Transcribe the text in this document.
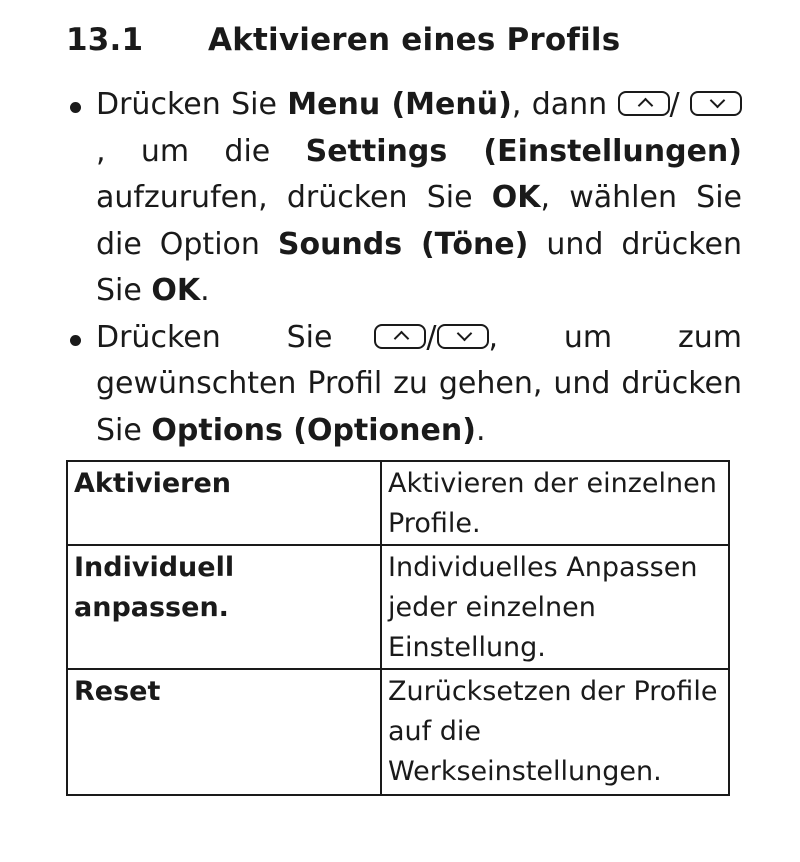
13.1 Aktivieren eines Profils
Drücken Sie Menu (Menü), dann /  , um die Settings (Einstellungen) aufzurufen, drücken Sie OK, wählen Sie die Option Sounds (Töne) und drücken Sie OK.
Drücken Sie	/ , um zum gewünschten Profil zu gehen, und drücken Sie Options (Optionen).
Aktivieren	Aktivieren der einzelnen Profile.
Individuell anpassen.	Individuelles Anpassen jeder einzelnen Einstellung.
Reset	Zurücksetzen der Profile auf die Werkseinstellungen.
